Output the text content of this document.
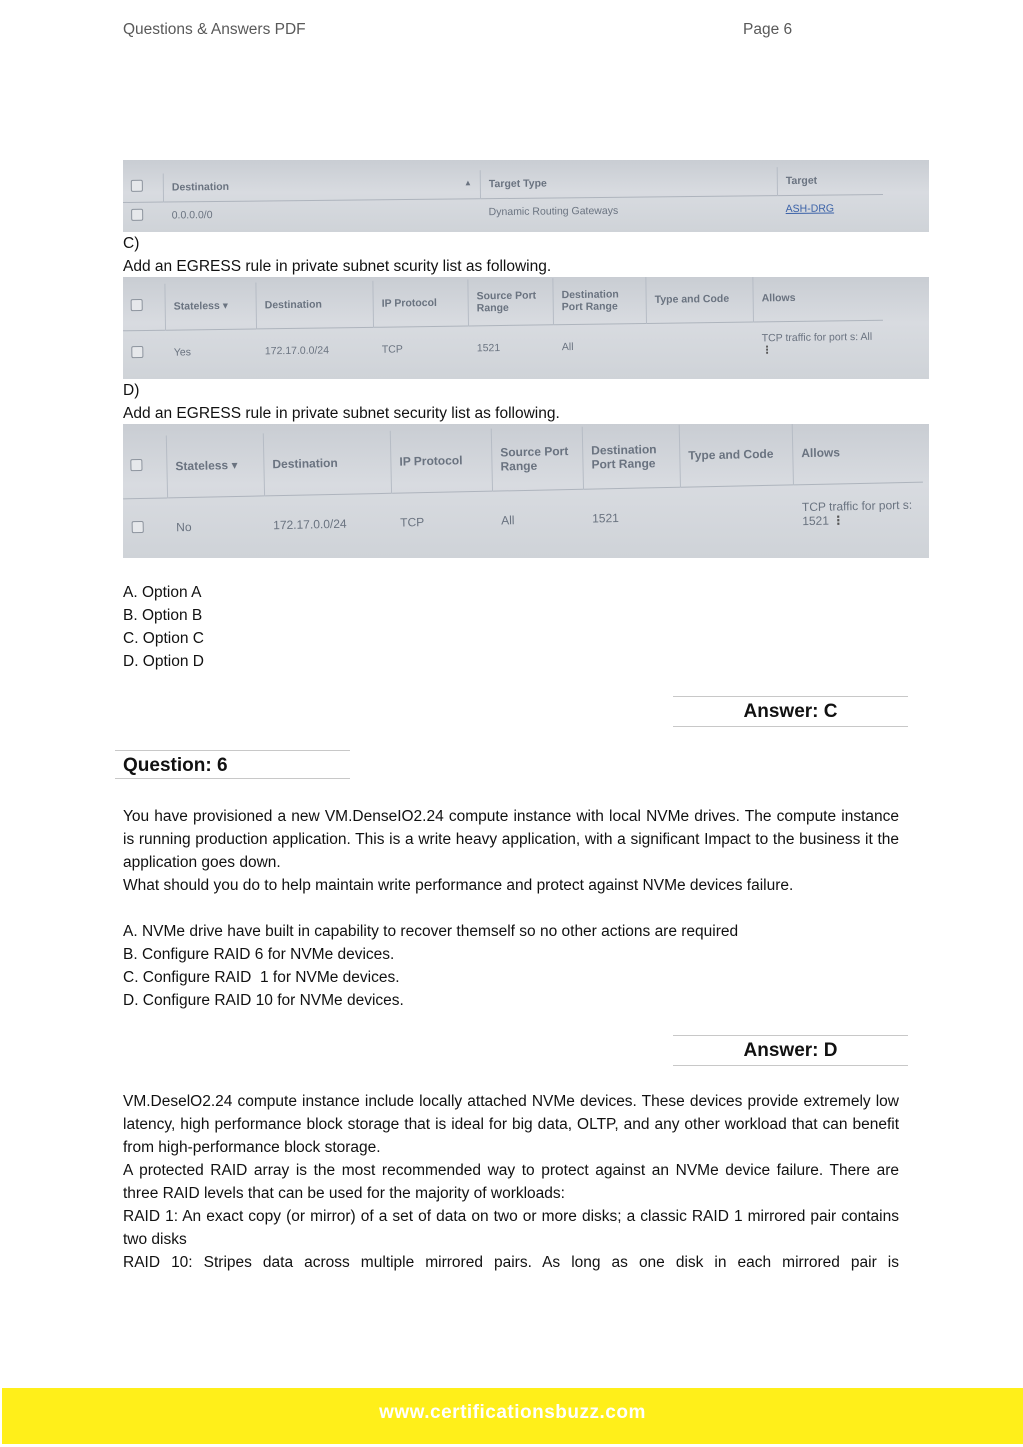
Questions & Answers PDF	Page 6
	Destination ▲	Target Type	Target
	0.0.0.0/0	Dynamic Routing Gateways	ASH-DRG
C)
Add an EGRESS rule in private subnet scurity list as following.
	Stateless ▾	Destination	IP Protocol	Source Port Range	Destination Port Range	Type and Code	Allows
	Yes	172.17.0.0/24	TCP	1521	All		TCP traffic for port s: All ⋮
D)
Add an EGRESS rule in private subnet security list as following.
	Stateless ▾	Destination	IP Protocol	Source Port Range	Destination Port Range	Type and Code	Allows
	No	172.17.0.0/24	TCP	All	1521		TCP traffic for port s: 1521 ⋮
A. Option A
B. Option B
C. Option C
D. Option D
Answer: C
Question: 6
You have provisioned a new VM.DenseIO2.24 compute instance with local NVMe drives. The compute instance is running production application. This is a write heavy application, with a significant Impact to the business it the application goes down.
What should you do to help maintain write performance and protect against NVMe devices failure.
A. NVMe drive have built in capability to recover themself so no other actions are required
B. Configure RAID 6 for NVMe devices.
C. Configure RAID  1 for NVMe devices.
D. Configure RAID 10 for NVMe devices.
Answer: D
VM.DeselO2.24 compute instance include locally attached NVMe devices. These devices provide extremely low latency, high performance block storage that is ideal for big data, OLTP, and any other workload that can benefit from high-performance block storage.
A protected RAID array is the most recommended way to protect against an NVMe device failure. There are three RAID levels that can be used for the majority of workloads:
RAID 1: An exact copy (or mirror) of a set of data on two or more disks; a classic RAID 1 mirrored pair contains two disks
RAID 10: Stripes data across multiple mirrored pairs. As long as one disk in each mirrored pair is
www.certificationsbuzz.com
